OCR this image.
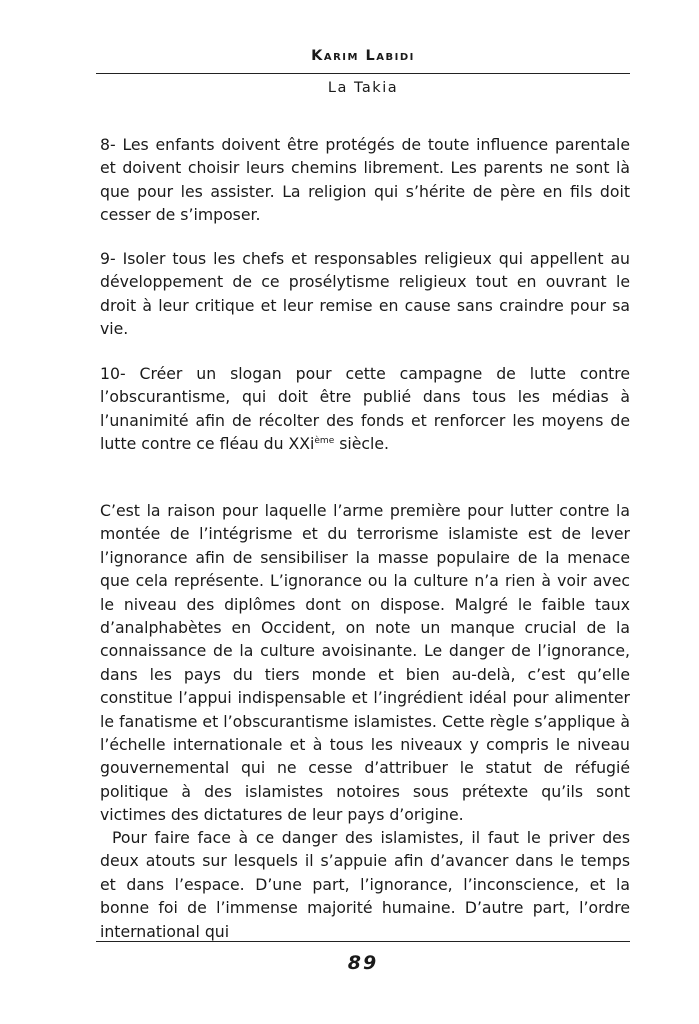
Karim Labidi
La Takia

8- Les enfants doivent être protégés de toute influence parentale et doivent choisir leurs chemins librement. Les parents ne sont là que pour les assister. La religion qui s’hérite de père en fils doit cesser de s’imposer.

9- Isoler tous les chefs et responsables religieux qui appellent au développement de ce prosélytisme religieux tout en ouvrant le droit à leur critique et leur remise en cause sans craindre pour sa vie.

10- Créer un slogan pour cette campagne de lutte contre l’obscurantisme, qui doit être publié dans tous les médias à l’unanimité afin de récolter des fonds et renforcer les moyens de lutte contre ce fléau du XXi$^{ème}$ siècle.

C’est la raison pour laquelle l’arme première pour lutter contre la montée de l’intégrisme et du terrorisme islamiste est de lever l’ignorance afin de sensibiliser la masse populaire de la menace que cela représente. L’ignorance ou la culture n’a rien à voir avec le niveau des diplômes dont on dispose. Malgré le faible taux d’analphabètes en Occident, on note un manque crucial de la connaissance de la culture avoisinante. Le danger de l’ignorance, dans les pays du tiers monde et bien au-delà, c’est qu’elle constitue l’appui indispensable et l’ingrédient idéal pour alimenter le fanatisme et l’obscurantisme islamistes. Cette règle s’applique à l’échelle internationale et à tous les niveaux y compris le niveau gouvernemental qui ne cesse d’attribuer le statut de réfugié politique à des islamistes notoires sous prétexte qu’ils sont victimes des dictatures de leur pays d’origine.

Pour faire face à ce danger des islamistes, il faut le priver des deux atouts sur lesquels il s’appuie afin d’avancer dans le temps et dans l’espace. D’une part, l’ignorance, l’inconscience, et la bonne foi de l’immense majorité humaine. D’autre part, l’ordre international qui

89
